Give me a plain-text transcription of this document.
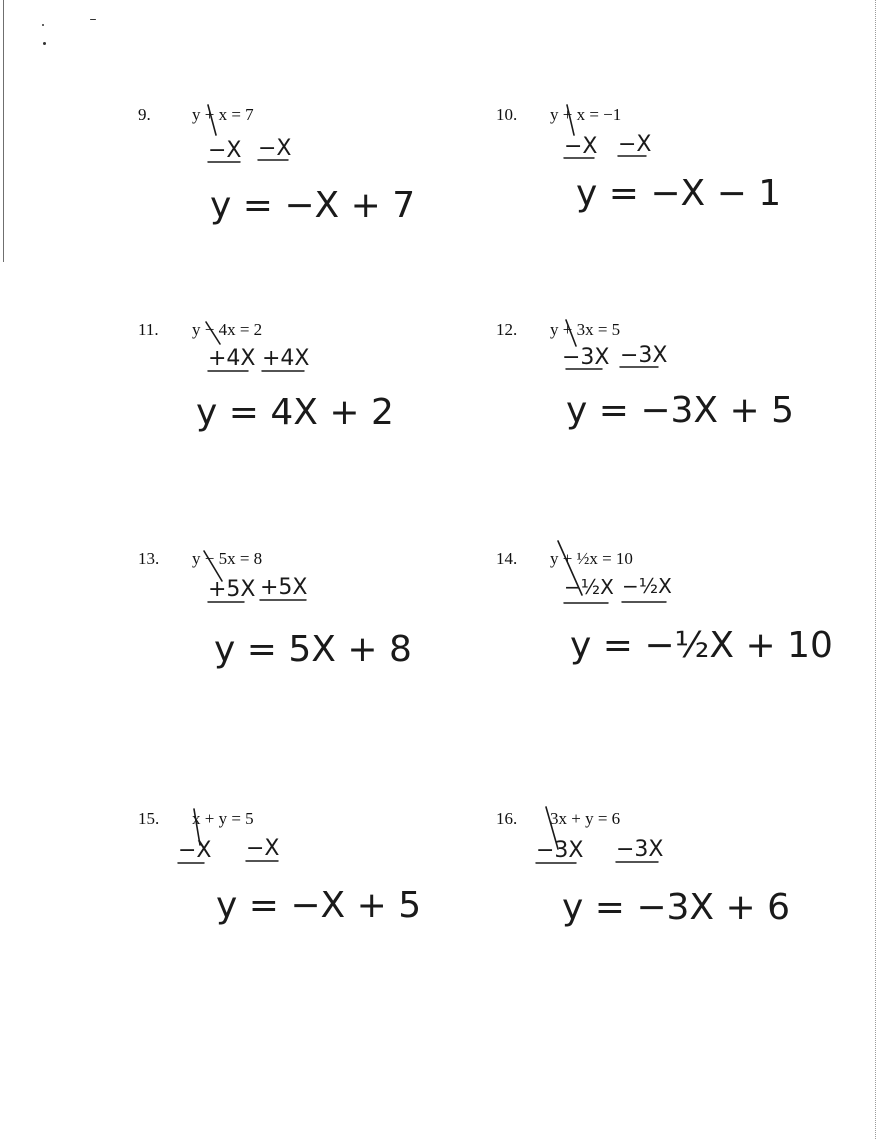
9. y + x = 7
−X −X
y = −X + 7
10. y + x = −1
−X −X
y = −X − 1
11. y − 4x = 2
+4X +4X
y = 4X + 2
12. y + 3x = 5
−3X −3X
y = −3X + 5
13. y − 5x = 8
+5X +5X
y = 5X + 8
14. y + ½x = 10
−½X −½X
y = −½X + 10
15. x + y = 5
−X −X
y = −X + 5
16. 3x + y = 6
−3X −3X
y = −3X + 6
